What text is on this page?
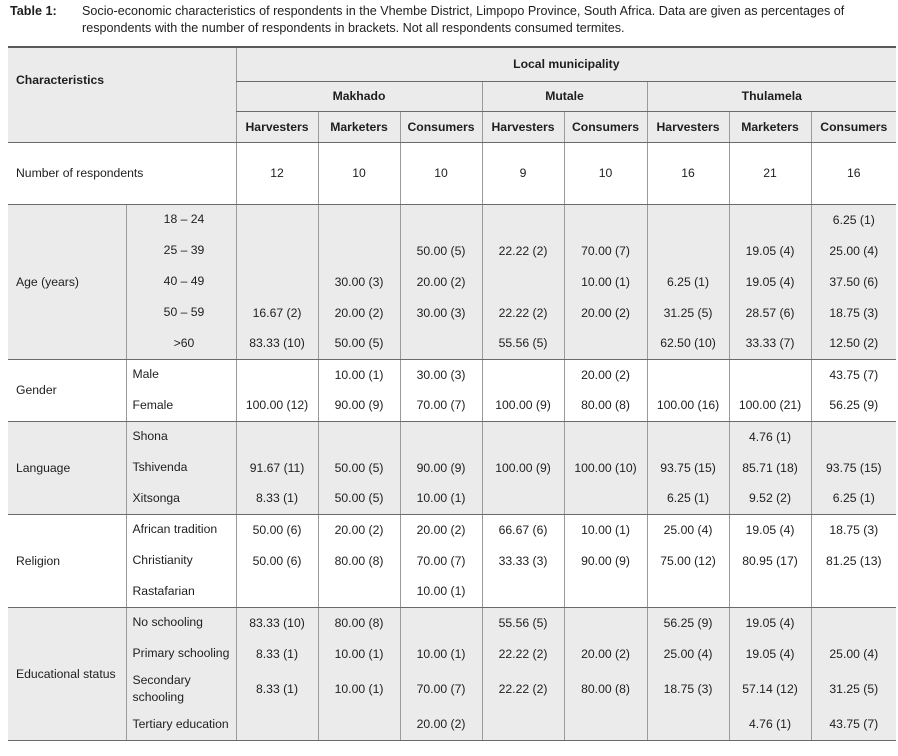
Table 1: Socio-economic characteristics of respondents in the Vhembe District, Limpopo Province, South Africa. Data are given as percentages of respondents with the number of respondents in brackets. Not all respondents consumed termites.
Characteristics		Local municipality							
		Makhado			Mutale		Thulamela		
		Harvesters	Marketers	Consumers	Harvesters	Consumers	Harvesters	Marketers	Consumers
Number of respondents		12	10	10	9	10	16	21	16
Age (years)	18 – 24								6.25 (1)
	25 – 39			50.00 (5)	22.22 (2)	70.00 (7)		19.05 (4)	25.00 (4)
	40 – 49		30.00 (3)	20.00 (2)		10.00 (1)	6.25 (1)	19.05 (4)	37.50 (6)
	50 – 59	16.67 (2)	20.00 (2)	30.00 (3)	22.22 (2)	20.00 (2)	31.25 (5)	28.57 (6)	18.75 (3)
	>60	83.33 (10)	50.00 (5)		55.56 (5)		62.50 (10)	33.33 (7)	12.50 (2)
Gender	Male		10.00 (1)	30.00 (3)		20.00 (2)			43.75 (7)
	Female	100.00 (12)	90.00 (9)	70.00 (7)	100.00 (9)	80.00 (8)	100.00 (16)	100.00 (21)	56.25 (9)
Language	Shona							4.76 (1)	
	Tshivenda	91.67 (11)	50.00 (5)	90.00 (9)	100.00 (9)	100.00 (10)	93.75 (15)	85.71 (18)	93.75 (15)
	Xitsonga	8.33 (1)	50.00 (5)	10.00 (1)			6.25 (1)	9.52 (2)	6.25 (1)
Religion	African tradition	50.00 (6)	20.00 (2)	20.00 (2)	66.67 (6)	10.00 (1)	25.00 (4)	19.05 (4)	18.75 (3)
	Christianity	50.00 (6)	80.00 (8)	70.00 (7)	33.33 (3)	90.00 (9)	75.00 (12)	80.95 (17)	81.25 (13)
	Rastafarian			10.00 (1)					
Educational status	No schooling	83.33 (10)	80.00 (8)		55.56 (5)		56.25 (9)	19.05 (4)	
	Primary schooling	8.33 (1)	10.00 (1)	10.00 (1)	22.22 (2)	20.00 (2)	25.00 (4)	19.05 (4)	25.00 (4)
	Secondary schooling	8.33 (1)	10.00 (1)	70.00 (7)	22.22 (2)	80.00 (8)	18.75 (3)	57.14 (12)	31.25 (5)
	Tertiary education			20.00 (2)				4.76 (1)	43.75 (7)
